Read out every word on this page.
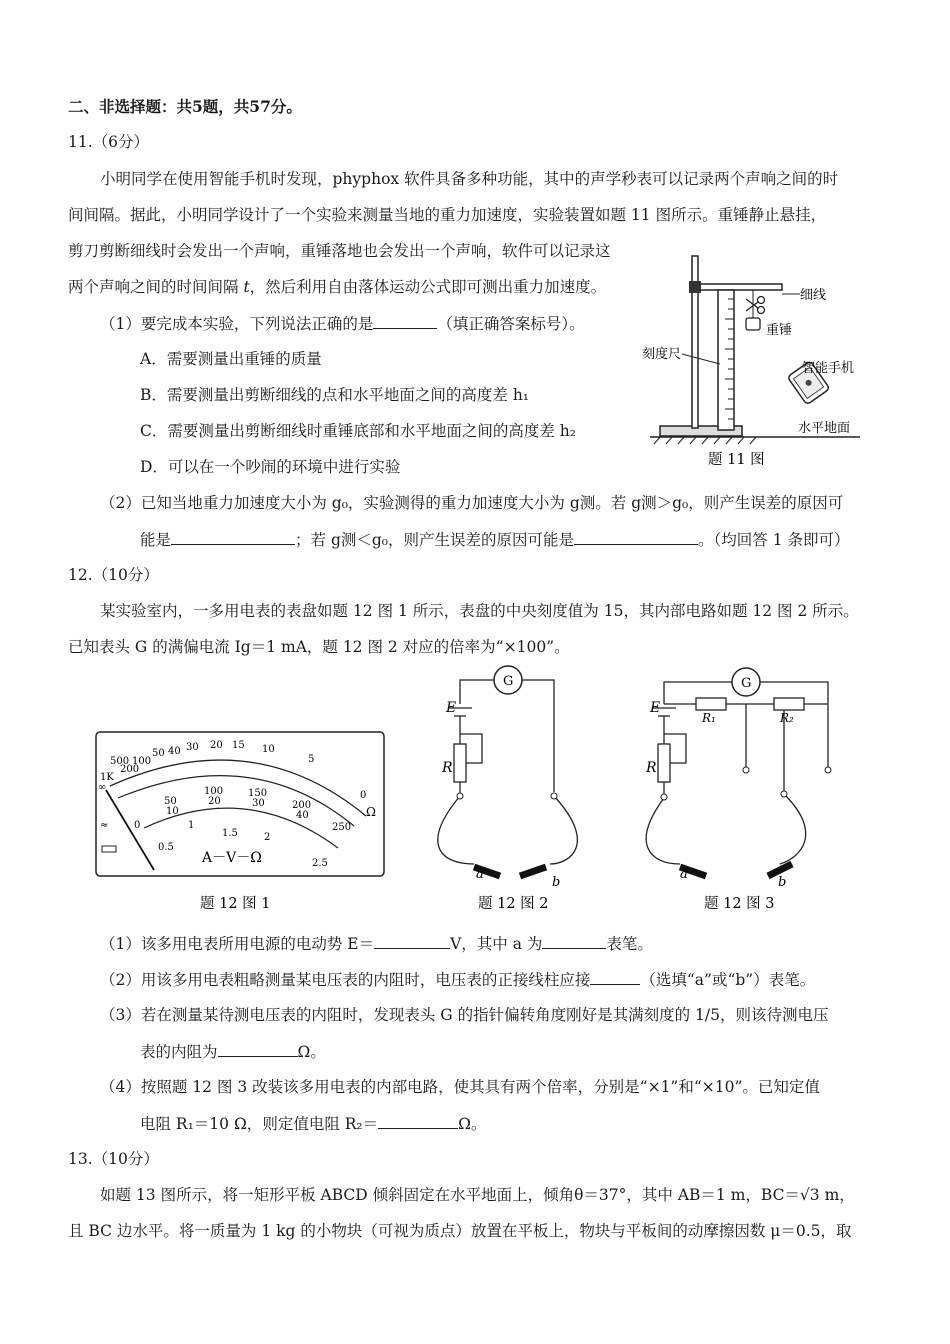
二、非选择题：共5题，共57分。
11.（6分）
小明同学在使用智能手机时发现，phyphox 软件具备多种功能，其中的声学秒表可以记录两个声响之间的时
间间隔。据此，小明同学设计了一个实验来测量当地的重力加速度，实验装置如题 11 图所示。重锤静止悬挂，
剪刀剪断细线时会发出一个声响，重锤落地也会发出一个声响，软件可以记录这
两个声响之间的时间间隔 t，然后利用自由落体运动公式即可测出重力加速度。
（1）要完成本实验，下列说法正确的是	（填正确答案标号）。
A．需要测量出重锤的质量
B．需要测量出剪断细线的点和水平地面之间的高度差 h₁
C．需要测量出剪断细线时重锤底部和水平地面之间的高度差 h₂
D．可以在一个吵闹的环境中进行实验
（2）已知当地重力加速度大小为 g₀，实验测得的重力加速度大小为 g测。若 g测＞g₀，则产生误差的原因可
能是	；若 g测＜g₀，则产生误差的原因可能是	。（均回答 1 条即可）
细线
重锤
刻度尺
智能手机
水平地面
题 11 图
12.（10分）
某实验室内，一多用电表的表盘如题 12 图 1 所示，表盘的中央刻度值为 15，其内部电路如题 12 图 2 所示。
已知表头 G 的满偏电流 Ig＝1 mA，题 12 图 2 对应的倍率为“×100”。
500
1K
200
100
50 40 30 20 15 10
5
0
∞
0
50
100 150
200
250
10
20	30
40
0.5
1
1.5	2
2.5
Ω
≈
A－V－Ω
题 12 图 1
G
E
R
a
b
题 12 图 2
G
E
R₁	R₂
R
a
b
题 12 图 3
（1）该多用电表所用电源的电动势 E＝	V，其中 a 为	表笔。
（2）用该多用电表粗略测量某电压表的内阻时，电压表的正接线柱应接	（选填“a”或“b”）表笔。
（3）若在测量某待测电压表的内阻时，发现表头 G 的指针偏转角度刚好是其满刻度的 1/5，则该待测电压
表的内阻为	Ω。
（4）按照题 12 图 3 改装该多用电表的内部电路，使其具有两个倍率，分别是“×1”和“×10”。已知定值
电阻 R₁＝10 Ω，则定值电阻 R₂＝	Ω。
13.（10分）
如题 13 图所示，将一矩形平板 ABCD 倾斜固定在水平地面上，倾角θ＝37°，其中 AB＝1 m，BC＝√3 m，
且 BC 边水平。将一质量为 1 kg 的小物块（可视为质点）放置在平板上，物块与平板间的动摩擦因数 μ＝0.5，取
